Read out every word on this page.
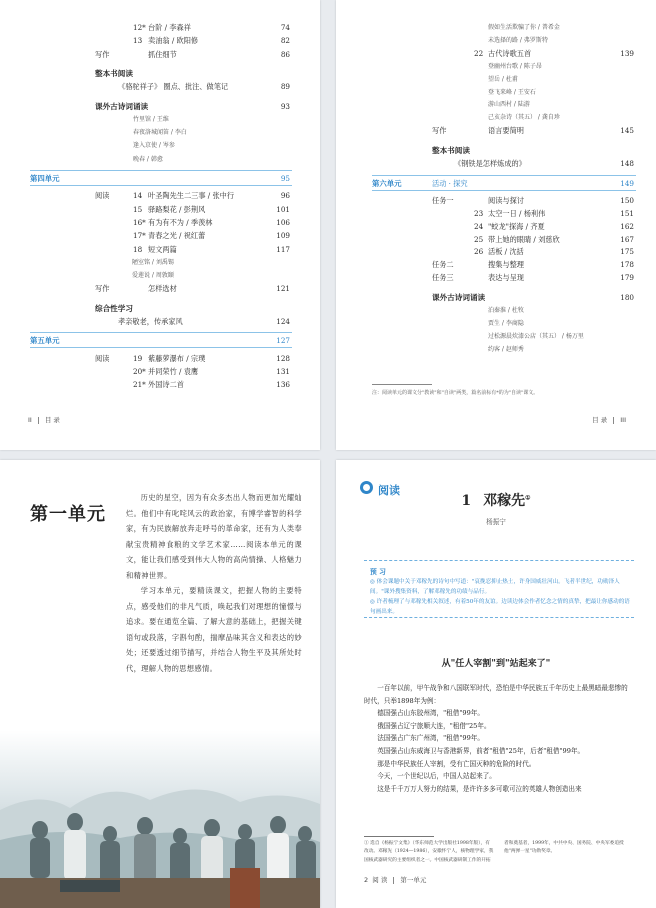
12* 台阶 / 李森祥	74
13 卖油翁 / 欧阳修	82
写作	抓住细节	86
整本书阅读
《骆驼祥子》 圈点、批注、做笔记	89
课外古诗词诵读	93
竹里馆 / 王维
春夜洛城闻笛 / 李白
逢入京使 / 岑参
晚春 / 韩愈
第四单元	95
阅读	14 叶圣陶先生二三事 / 张中行	96
15 驿路梨花 / 彭荆风	101
16* 有为有不为 / 季羡林	106
17* 青春之光 / 祝红蕾	109
18 短文两篇	117
陋室铭 / 刘禹锡
爱莲说 / 周敦颐
写作	怎样选材	121
综合性学习
孝亲敬老，传承家风	124
第五单元	127
阅读	19 紫藤萝瀑布 / 宗璞	128
20* 并同荣竹 / 袁鹰	131
21* 外国诗二首	136
II 目 录
假如生活欺骗了你 / 普希金
未选择的路 / 弗罗斯特
22 古代诗歌五首	139
登幽州台歌 / 陈子昂
望岳 / 杜甫
登飞来峰 / 王安石
游山西村 / 陆游
己亥杂诗（其五） / 龚自珍
写作	语言要简明	145
整本书阅读
《钢铁是怎样炼成的》	148
第六单元	活动 · 探究	149
任务一	阅读与探讨	150
23 太空一日 / 杨利伟	151
24 "蛟龙"探海 / 齐夏	162
25 带上她的眼睛 / 刘慈欣	167
26 活板 / 沈括	175
任务二	搜集与整理	178
任务三	表达与呈现	179
课外古诗词诵读	180
泊秦淮 / 杜牧
贾生 / 李商隐
过松源晨炊漆公店（其五） / 杨万里
约客 / 赵师秀
注：阅读单元的课文分"教读"和"自读"两类，篇名前标有*的为"自读"课文。
目 录 III
第一单元

历史的星空，因为有众多杰出人物而更加光耀灿烂。他们中有叱咤风云的政治家，有博学睿智的科学家，有为民族解放奔走呼号的革命家，还有为人类奉献宝贵精神食粮的文学艺术家……阅读本单元的课文，能让我们感受到伟大人物的高尚情操、人格魅力和精神世界。

学习本单元，要精读课文，把握人物的主要特点，感受他们的非凡气质，唤起我们对理想的憧憬与追求。要在通览全篇、了解大意的基础上，把握关键语句或段落，字斟句酌，揣摩品味其含义和表达的妙处；还要透过细节描写，并结合人物生平及其所处时代，理解人物的思想感情。

阅读
1 邓稼先①
杨振宁
预 习
◎ 体会课题中关于邓稼先的诗句中写道："哀挽忍抑止热土，许身国威壮河山。飞者半世纪，功勋泽人间。"课外搜集资料，了解邓稼先的功绩与品行。
◎ 许者梳理了与邓稼先相关叙述，有着50年的友谊。边读边体会作者忆念之情的真挚，把最让你感动的语句画出来。
从"任人宰割"到"站起来了"

一百年以前，甲午战争和八国联军时代，恐怕是中华民族五千年历史上最黑暗最悲惨的时代，只举1898年为例：

德国强占山东胶州湾，"租借"99年。

俄国强占辽宁旅顺大连，"租借"25年。

法国强占广东广州湾，"租借"99年。

英国强占山东威海卫与香港新界，前者"租借"25年，后者"租借"99年。

那是中华民族任人宰割，受有亡国灭种的危险的时代。

今天，一个世纪以后，中国人站起来了。

这是千千万万人努力的结果，是许许多多可歌可泣的英雄人物创造出来

① 选自《杨振宁文集》（华东师范大学出版社1998年版），有改动。邓稼先（1924—1986），安徽怀宁人，核物理学家，我国核武器研究的主要组织者之一。中国核武器研制工作的开拓者和奠基者，1999年，中共中央、国务院、中央军委追授他"两弹一星"功勋奖章。
2 阅 读 第一单元
